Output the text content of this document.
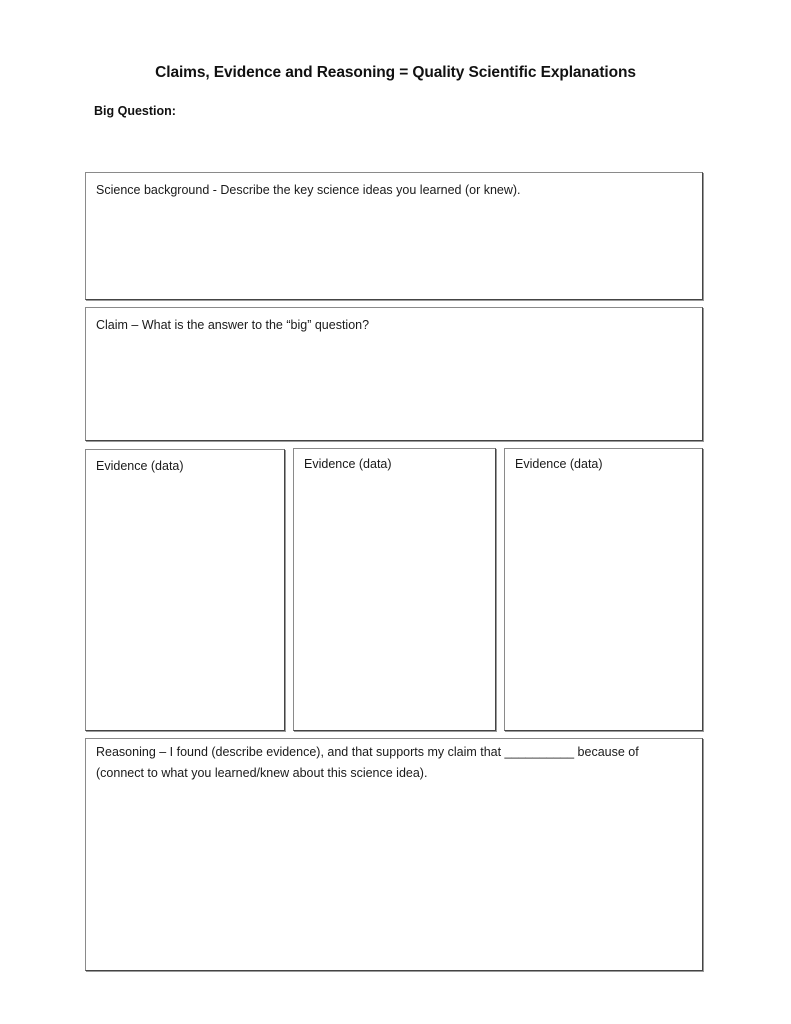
Claims, Evidence and Reasoning = Quality Scientific Explanations
Big Question:
Science background - Describe the key science ideas you learned (or knew).
Claim – What is the answer to the “big” question?
Evidence (data)	Evidence (data)	Evidence (data)
Reasoning – I found (describe evidence), and that supports my claim that __________ because of
(connect to what you learned/knew about this science idea).
